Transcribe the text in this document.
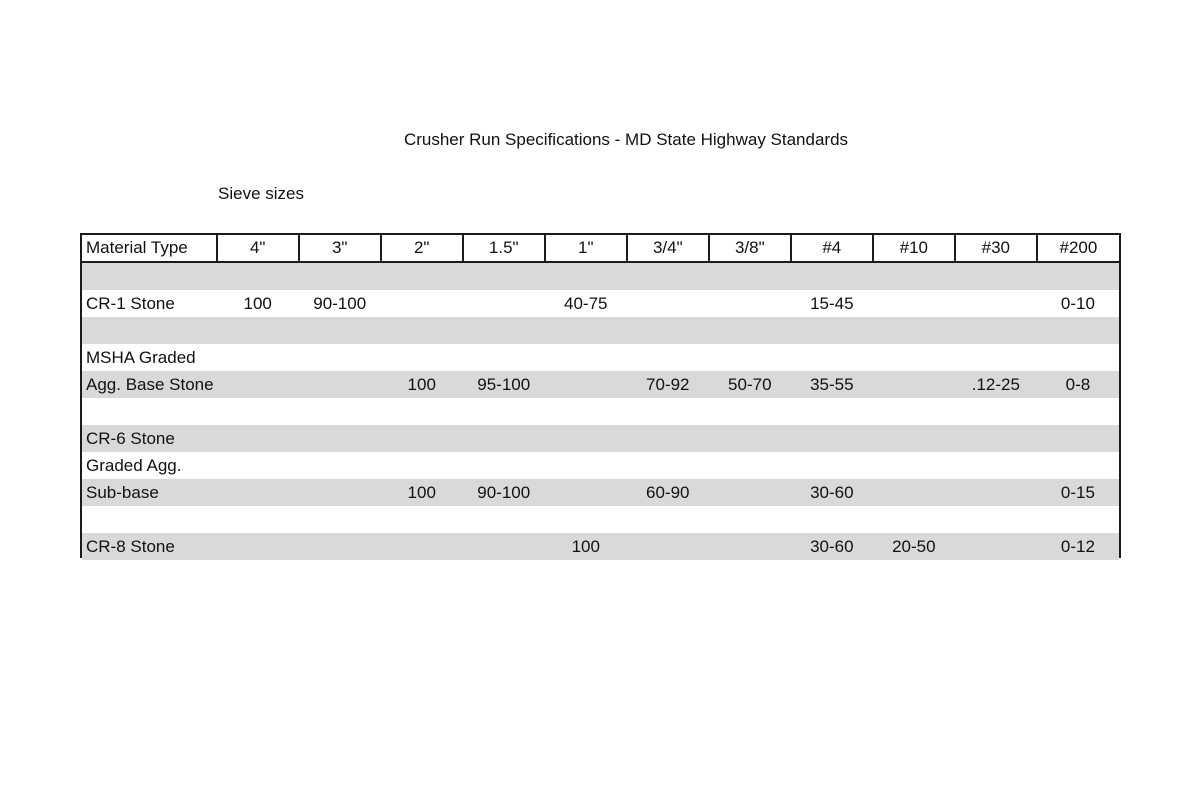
Crusher Run Specifications - MD State Highway Standards
Sieve sizes
Material Type	4"	3"	2"	1.5"	1"	3/4"	3/8"	#4	#10	#30	#200

CR-1 Stone	100	90-100			40-75			15-45			0-10

MSHA Graded											
Agg. Base Stone			100	95-100		70-92	50-70	35-55		.12-25	0-8

CR-6 Stone											
Graded Agg.											
Sub-base			100	90-100		60-90		30-60			0-15

CR-8 Stone					100			30-60	20-50		0-12
